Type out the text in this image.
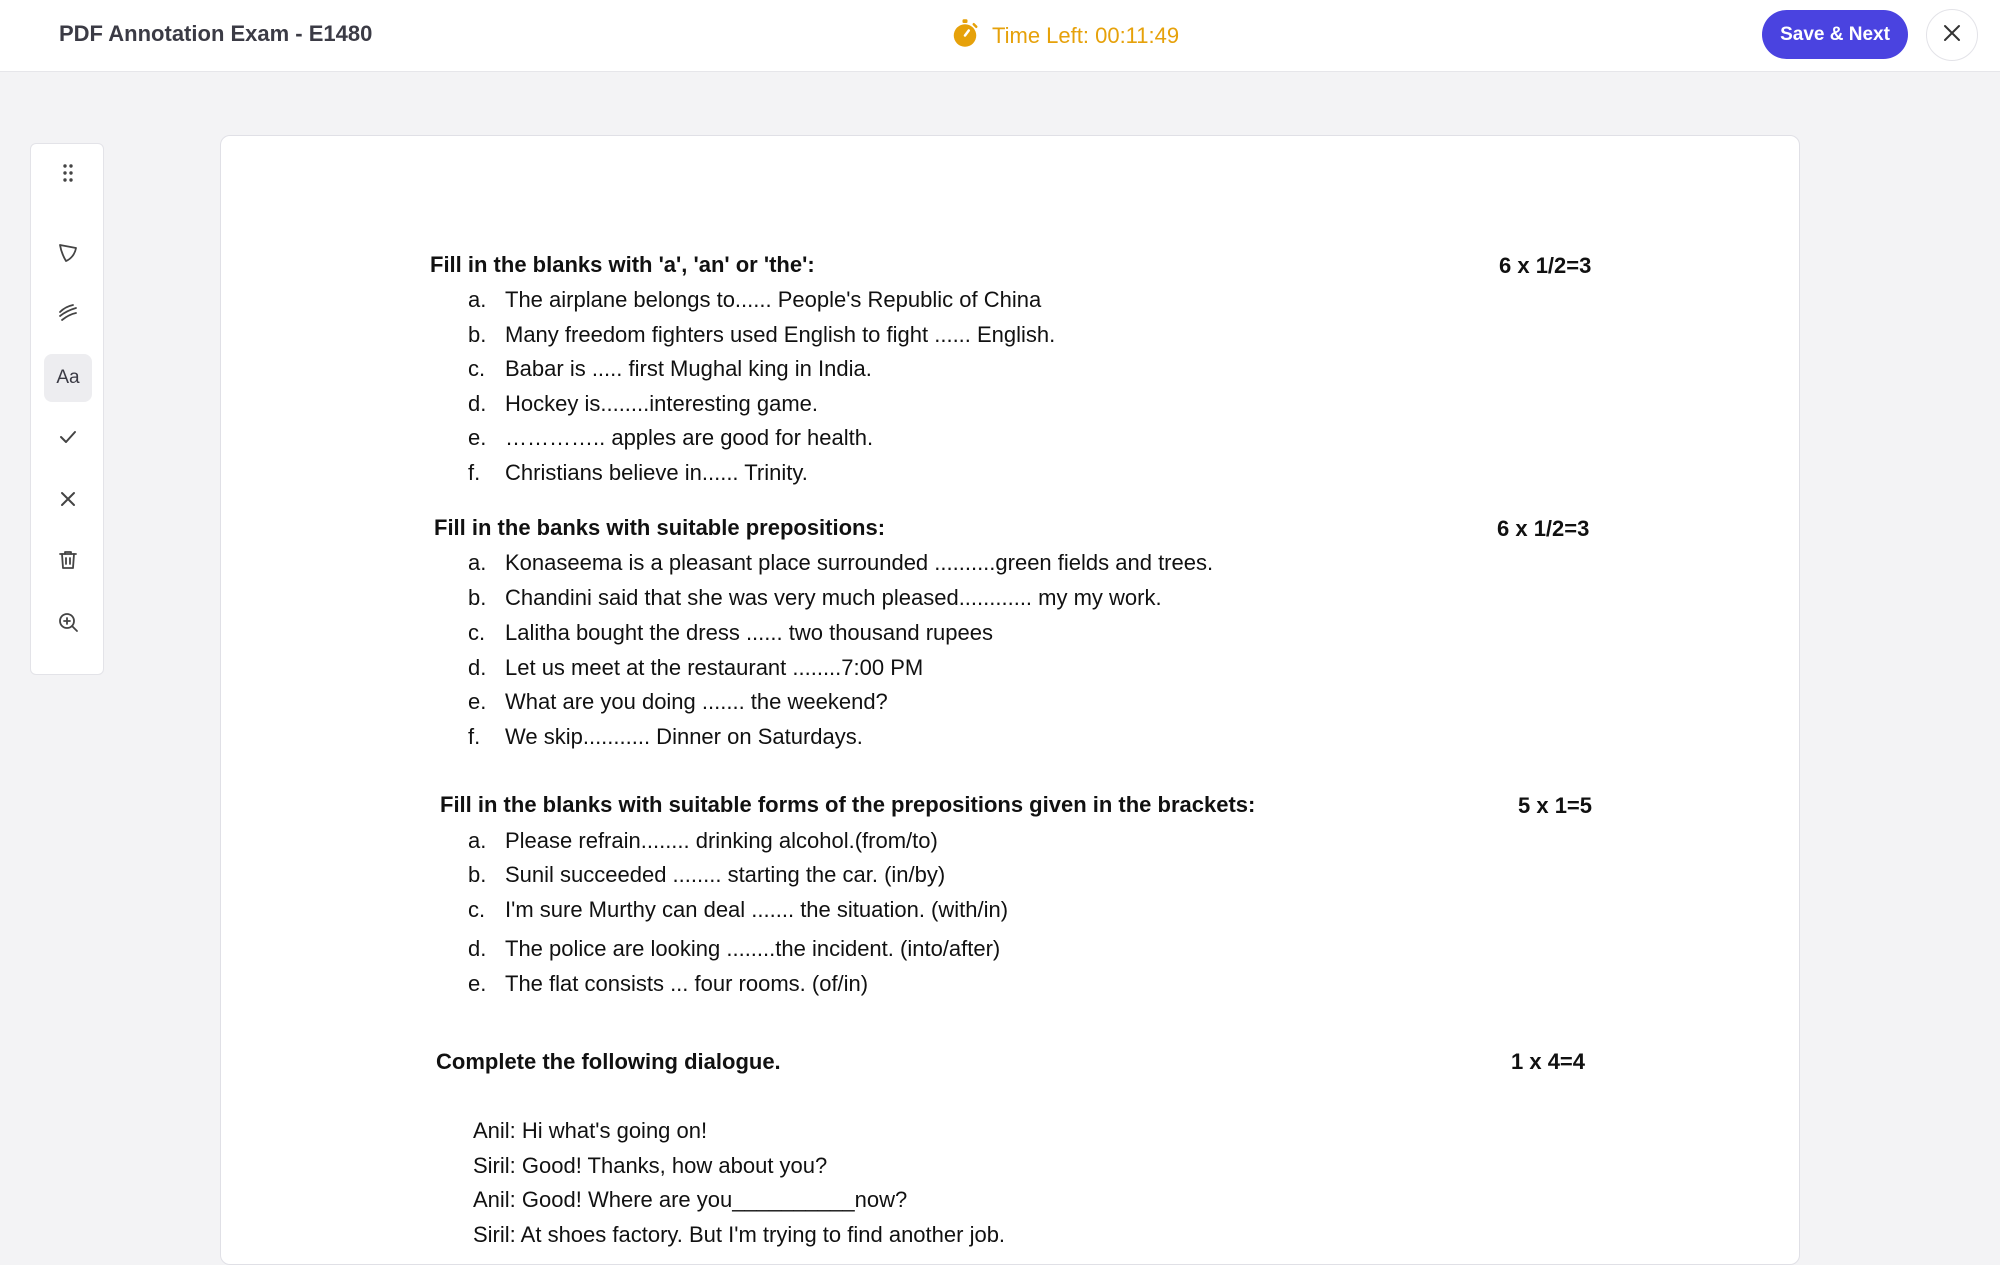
PDF Annotation Exam - E1480	Time Left: 00:11:49	Save & Next
Aa
Fill in the blanks with 'a', 'an' or 'the':	6 x 1/2=3
a. The airplane belongs to...... People's Republic of China
b. Many freedom fighters used English to fight ...... English.
c. Babar is ..... first Mughal king in India.
d. Hockey is........interesting game.
e. ………….. apples are good for health.
f. Christians believe in...... Trinity.
Fill in the banks with suitable prepositions:	6 x 1/2=3
a. Konaseema is a pleasant place surrounded ..........green fields and trees.
b. Chandini said that she was very much pleased............ my my work.
c. Lalitha bought the dress ...... two thousand rupees
d. Let us meet at the restaurant ........7:00 PM
e. What are you doing ....... the weekend?
f. We skip........... Dinner on Saturdays.
Fill in the blanks with suitable forms of the prepositions given in the brackets:	5 x 1=5
a. Please refrain........ drinking alcohol.(from/to)
b. Sunil succeeded ........ starting the car. (in/by)
c. I'm sure Murthy can deal ....... the situation. (with/in)
d. The police are looking ........the incident. (into/after)
e. The flat consists ... four rooms. (of/in)
Complete the following dialogue.	1 x 4=4
Anil: Hi what's going on!
Siril: Good! Thanks, how about you?
Anil: Good! Where are you__________now?
Siril: At shoes factory. But I'm trying to find another job.
